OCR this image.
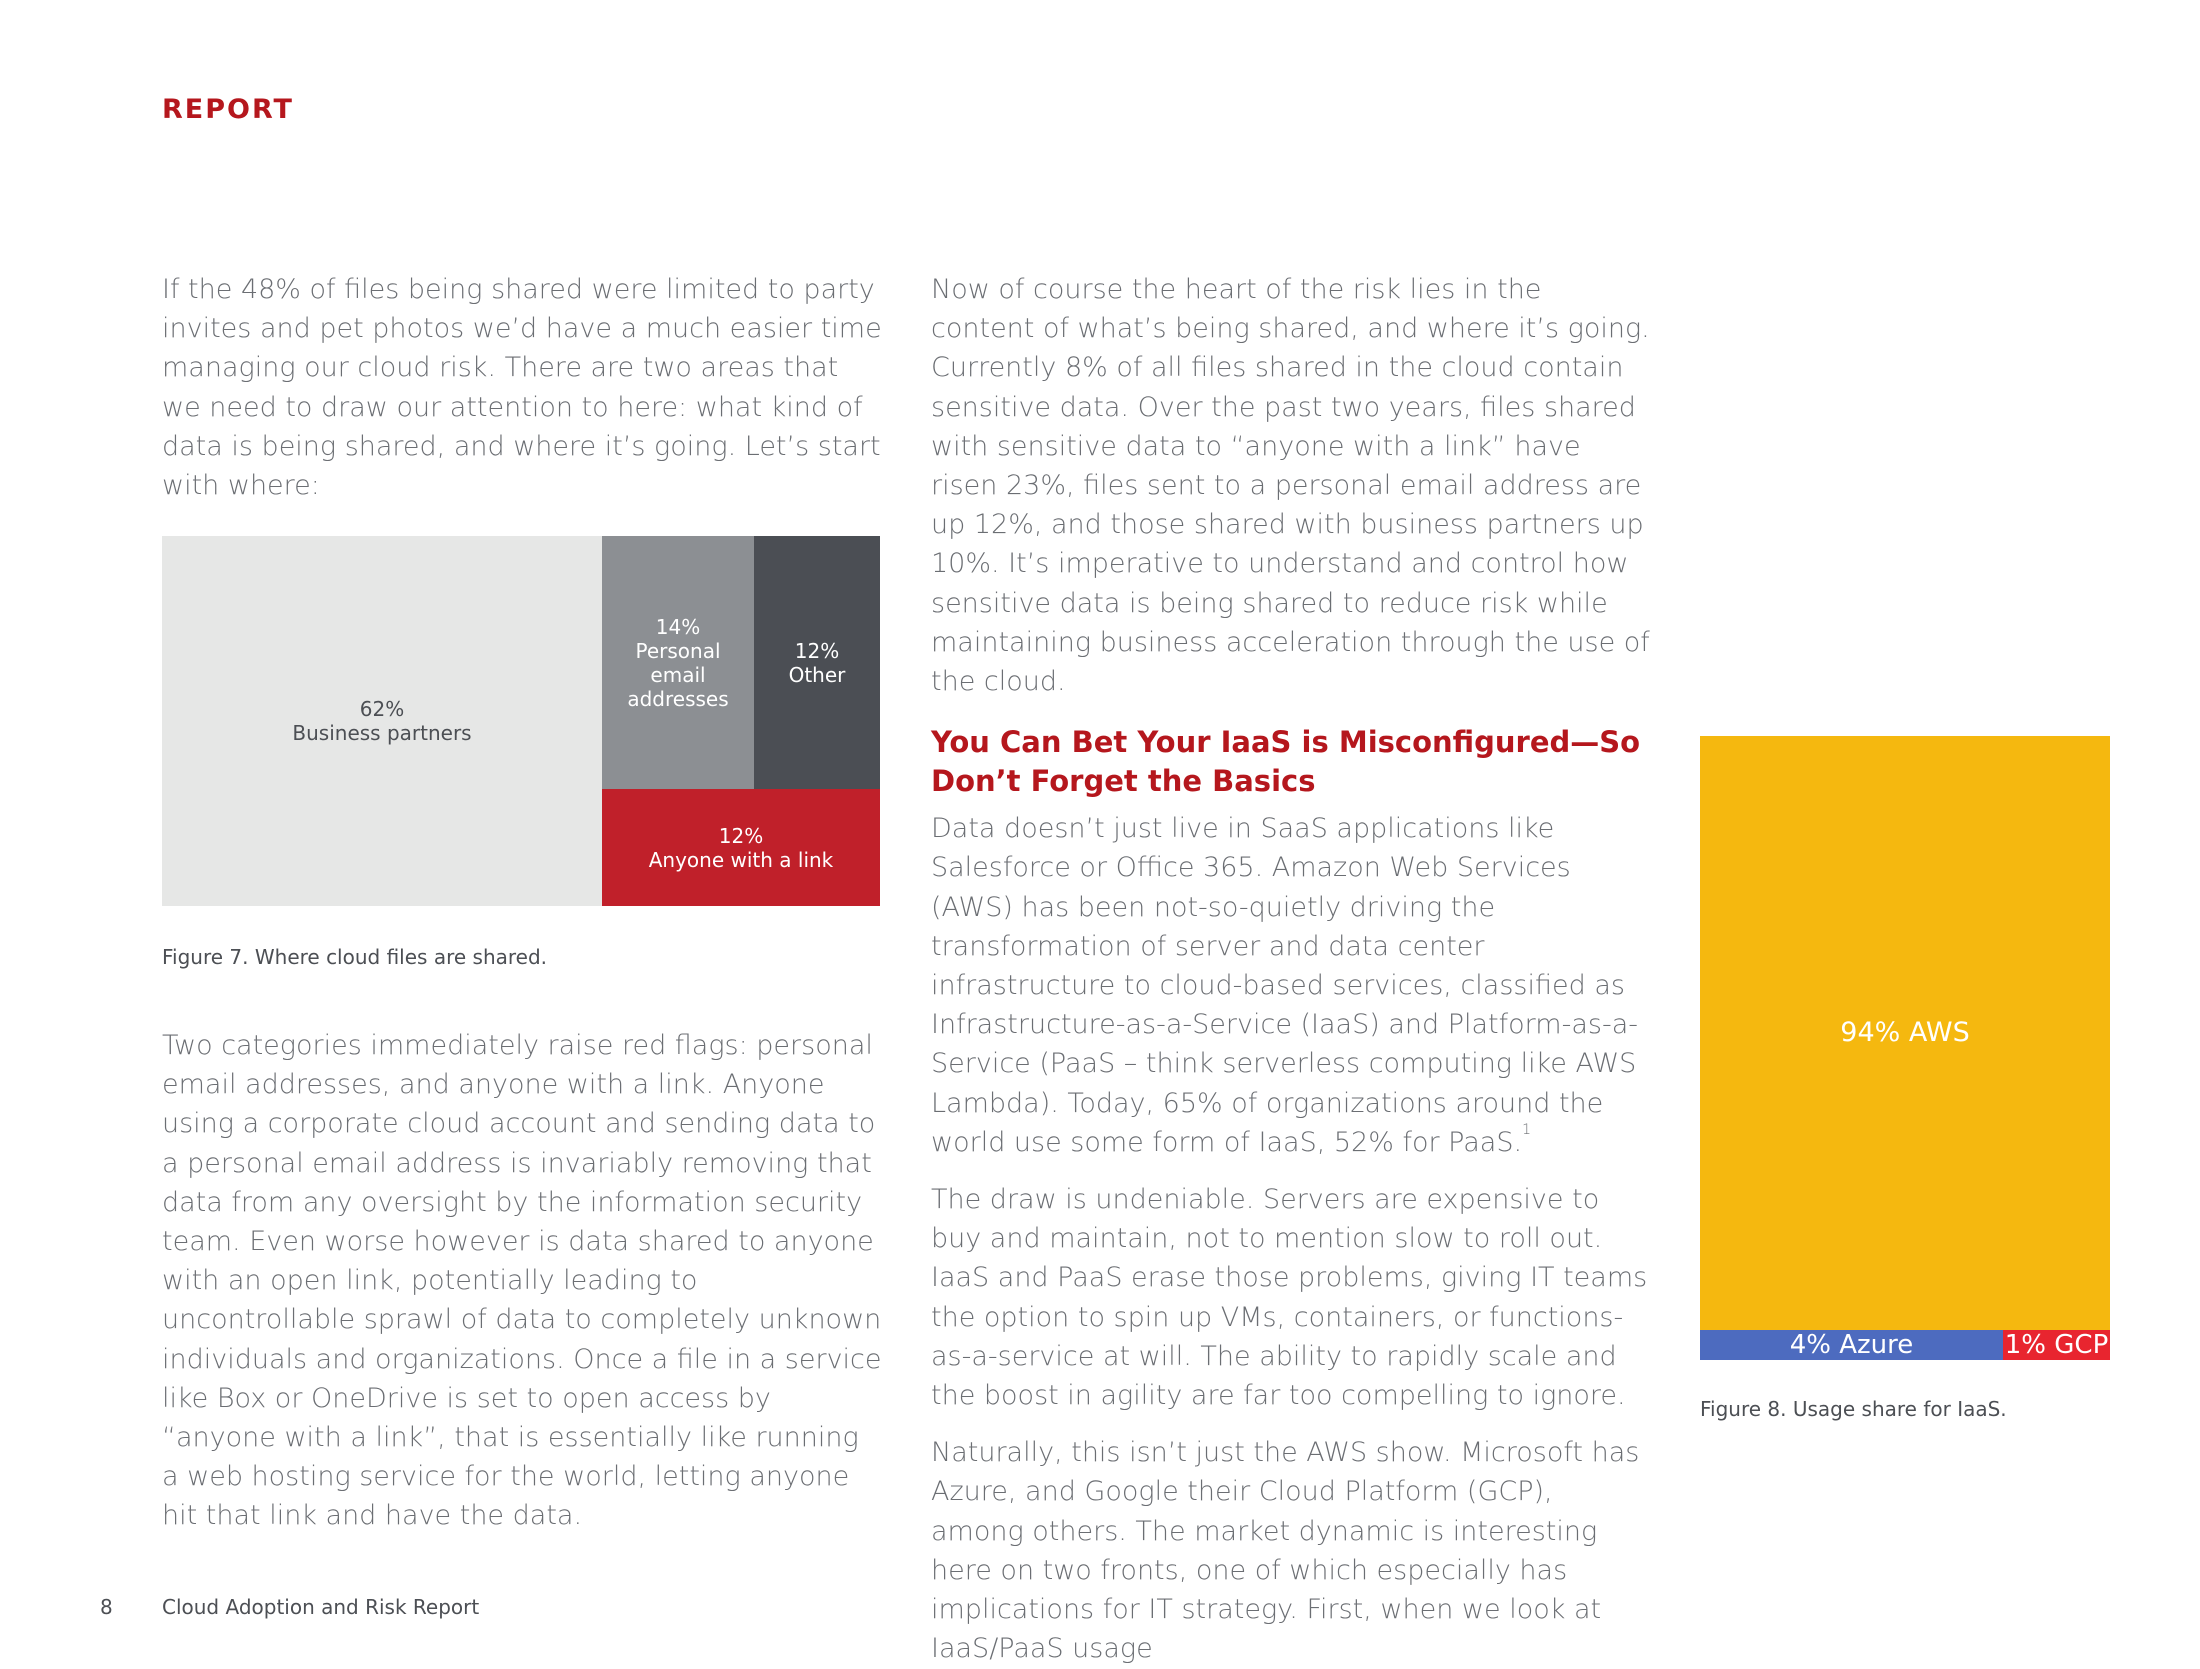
REPORT

If the 48% of files being shared were limited to party invites and pet photos we’d have a much easier time managing our cloud risk. There are two areas that we need to draw our attention to here: what kind of data is being shared, and where it’s going. Let’s start with where:

62%
Business partners
14%
Personal email addresses
12%
Other
12%
Anyone with a link
Figure 7. Where cloud files are shared.

Two categories immediately raise red flags: personal email addresses, and anyone with a link. Anyone using a corporate cloud account and sending data to a personal email address is invariably removing that data from any oversight by the information security team. Even worse however is data shared to anyone with an open link, potentially leading to uncontrollable sprawl of data to completely unknown individuals and organizations. Once a file in a service like Box or OneDrive is set to open access by “anyone with a link”, that is essentially like running a web hosting service for the world, letting anyone hit that link and have the data.

Now of course the heart of the risk lies in the content of what’s being shared, and where it’s going. Currently 8% of all files shared in the cloud contain sensitive data. Over the past two years, files shared with sensitive data to “anyone with a link” have risen 23%, files sent to a personal email address are up 12%, and those shared with business partners up 10%. It’s imperative to understand and control how sensitive data is being shared to reduce risk while maintaining business acceleration through the use of the cloud.

You Can Bet Your IaaS is Misconfigured—So Don’t Forget the Basics

Data doesn’t just live in SaaS applications like Salesforce or Office 365. Amazon Web Services (AWS) has been not-so-quietly driving the transformation of server and data center infrastructure to cloud-based services, classified as Infrastructure-as-a-Service (IaaS) and Platform-as-a-Service (PaaS – think serverless computing like AWS Lambda). Today, 65% of organizations around the world use some form of IaaS, 52% for PaaS.$^1$

The draw is undeniable. Servers are expensive to buy and maintain, not to mention slow to roll out. IaaS and PaaS erase those problems, giving IT teams the option to spin up VMs, containers, or functions-as-a-service at will. The ability to rapidly scale and the boost in agility are far too compelling to ignore.

Naturally, this isn’t just the AWS show. Microsoft has Azure, and Google their Cloud Platform (GCP), among others. The market dynamic is interesting here on two fronts, one of which especially has implications for IT strategy. First, when we look at IaaS/PaaS usage

94% AWS
4% Azure	1% GCP
Figure 8. Usage share for IaaS.
8 Cloud Adoption and Risk Report
